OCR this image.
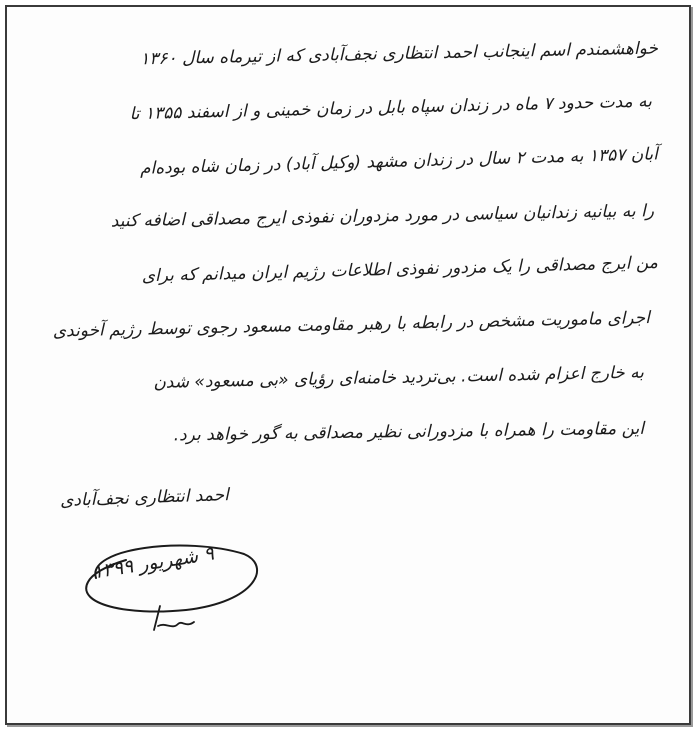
خواهشمندم اسم اینجانب احمد انتظاری نجف‌آبادی که از تیرماه سال ۱۳۶۰
به مدت حدود ۷ ماه در زندان سپاه بابل در زمان خمینی و از اسفند ۱۳۵۵ تا
آبان ۱۳۵۷ به مدت ۲ سال در زندان مشهد (وکیل آباد) در زمان شاه بوده‌ام
را به بیانیه زندانیان سیاسی در مورد مزدوران نفوذی ایرج مصداقی اضافه کنید
من ایرج مصداقی را یک مزدور نفوذی اطلاعات رژیم ایران میدانم که برای
اجرای ماموریت مشخص در رابطه با رهبر مقاومت مسعود رجوی توسط رژیم آخوندی
به خارج اعزام شده است. بی‌تردید خامنه‌ای رؤیای «بی مسعود» شدن
این مقاومت را همراه با مزدورانی نظیر مصداقی به گور خواهد برد.
احمد انتظاری نجف‌آبادی
۹ شهریور ۱۳۹۹
